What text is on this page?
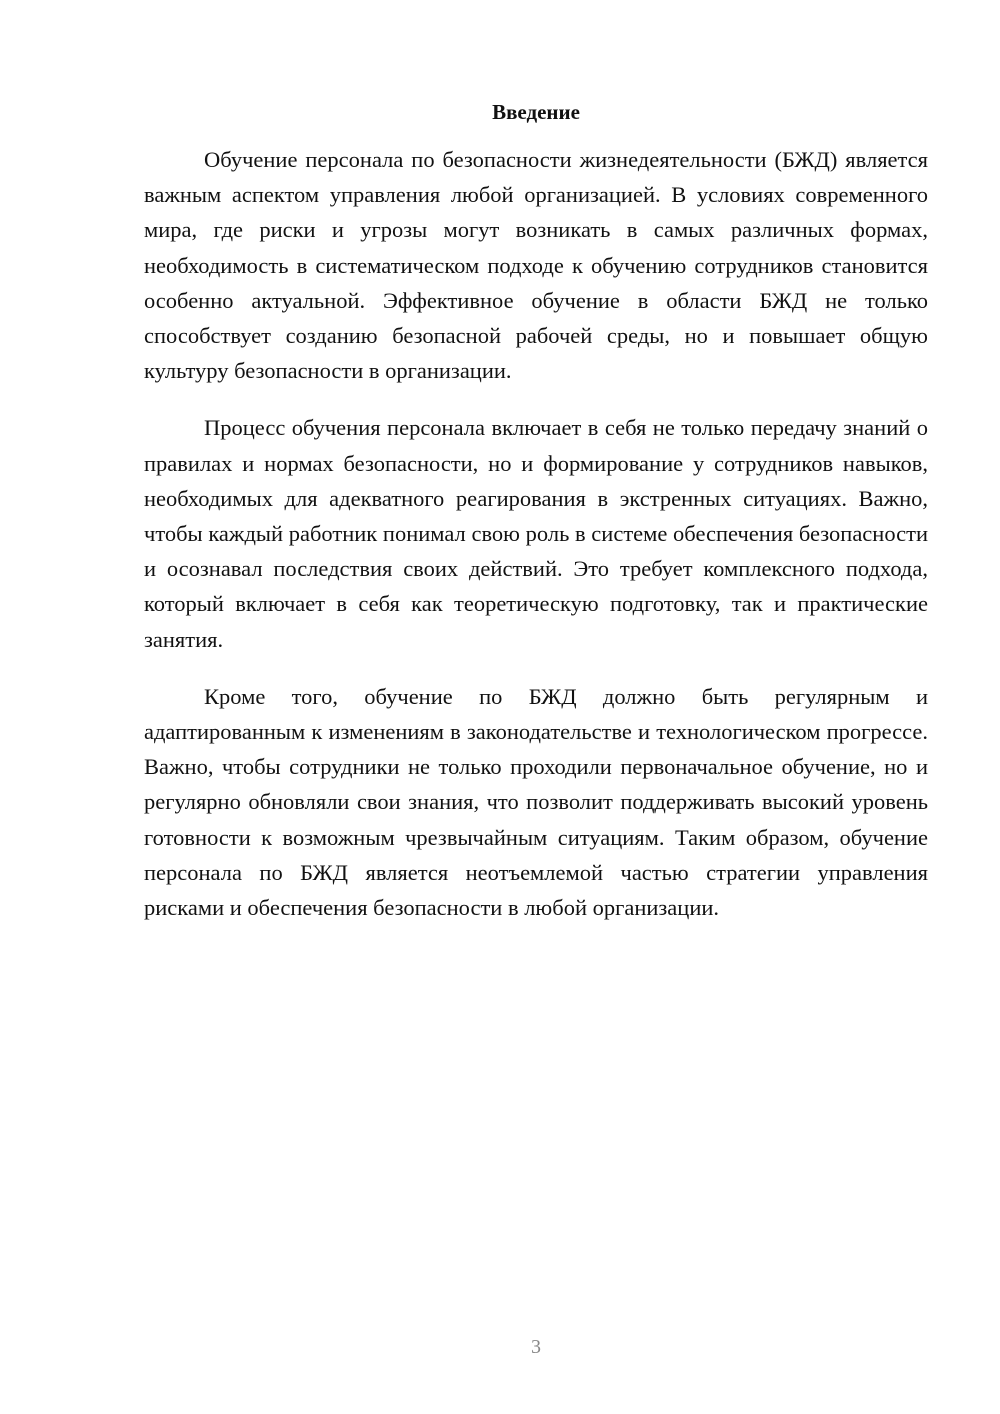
Введение

Обучение персонала по безопасности жизнедеятельности (БЖД) является важным аспектом управления любой организацией. В условиях современного мира, где риски и угрозы могут возникать в самых различных формах, необходимость в систематическом подходе к обучению сотрудников становится особенно актуальной. Эффективное обучение в области БЖД не только способствует созданию безопасной рабочей среды, но и повышает общую культуру безопасности в организации.

Процесс обучения персонала включает в себя не только передачу знаний о правилах и нормах безопасности, но и формирование у сотрудников навыков, необходимых для адекватного реагирования в экстренных ситуациях. Важно, чтобы каждый работник понимал свою роль в системе обеспечения безопасности и осознавал последствия своих действий. Это требует комплексного подхода, который включает в себя как теоретическую подготовку, так и практические занятия.

Кроме того, обучение по БЖД должно быть регулярным и адаптированным к изменениям в законодательстве и технологическом прогрессе. Важно, чтобы сотрудники не только проходили первоначальное обучение, но и регулярно обновляли свои знания, что позволит поддерживать высокий уровень готовности к возможным чрезвычайным ситуациям. Таким образом, обучение персонала по БЖД является неотъемлемой частью стратегии управления рисками и обеспечения безопасности в любой организации.

3
